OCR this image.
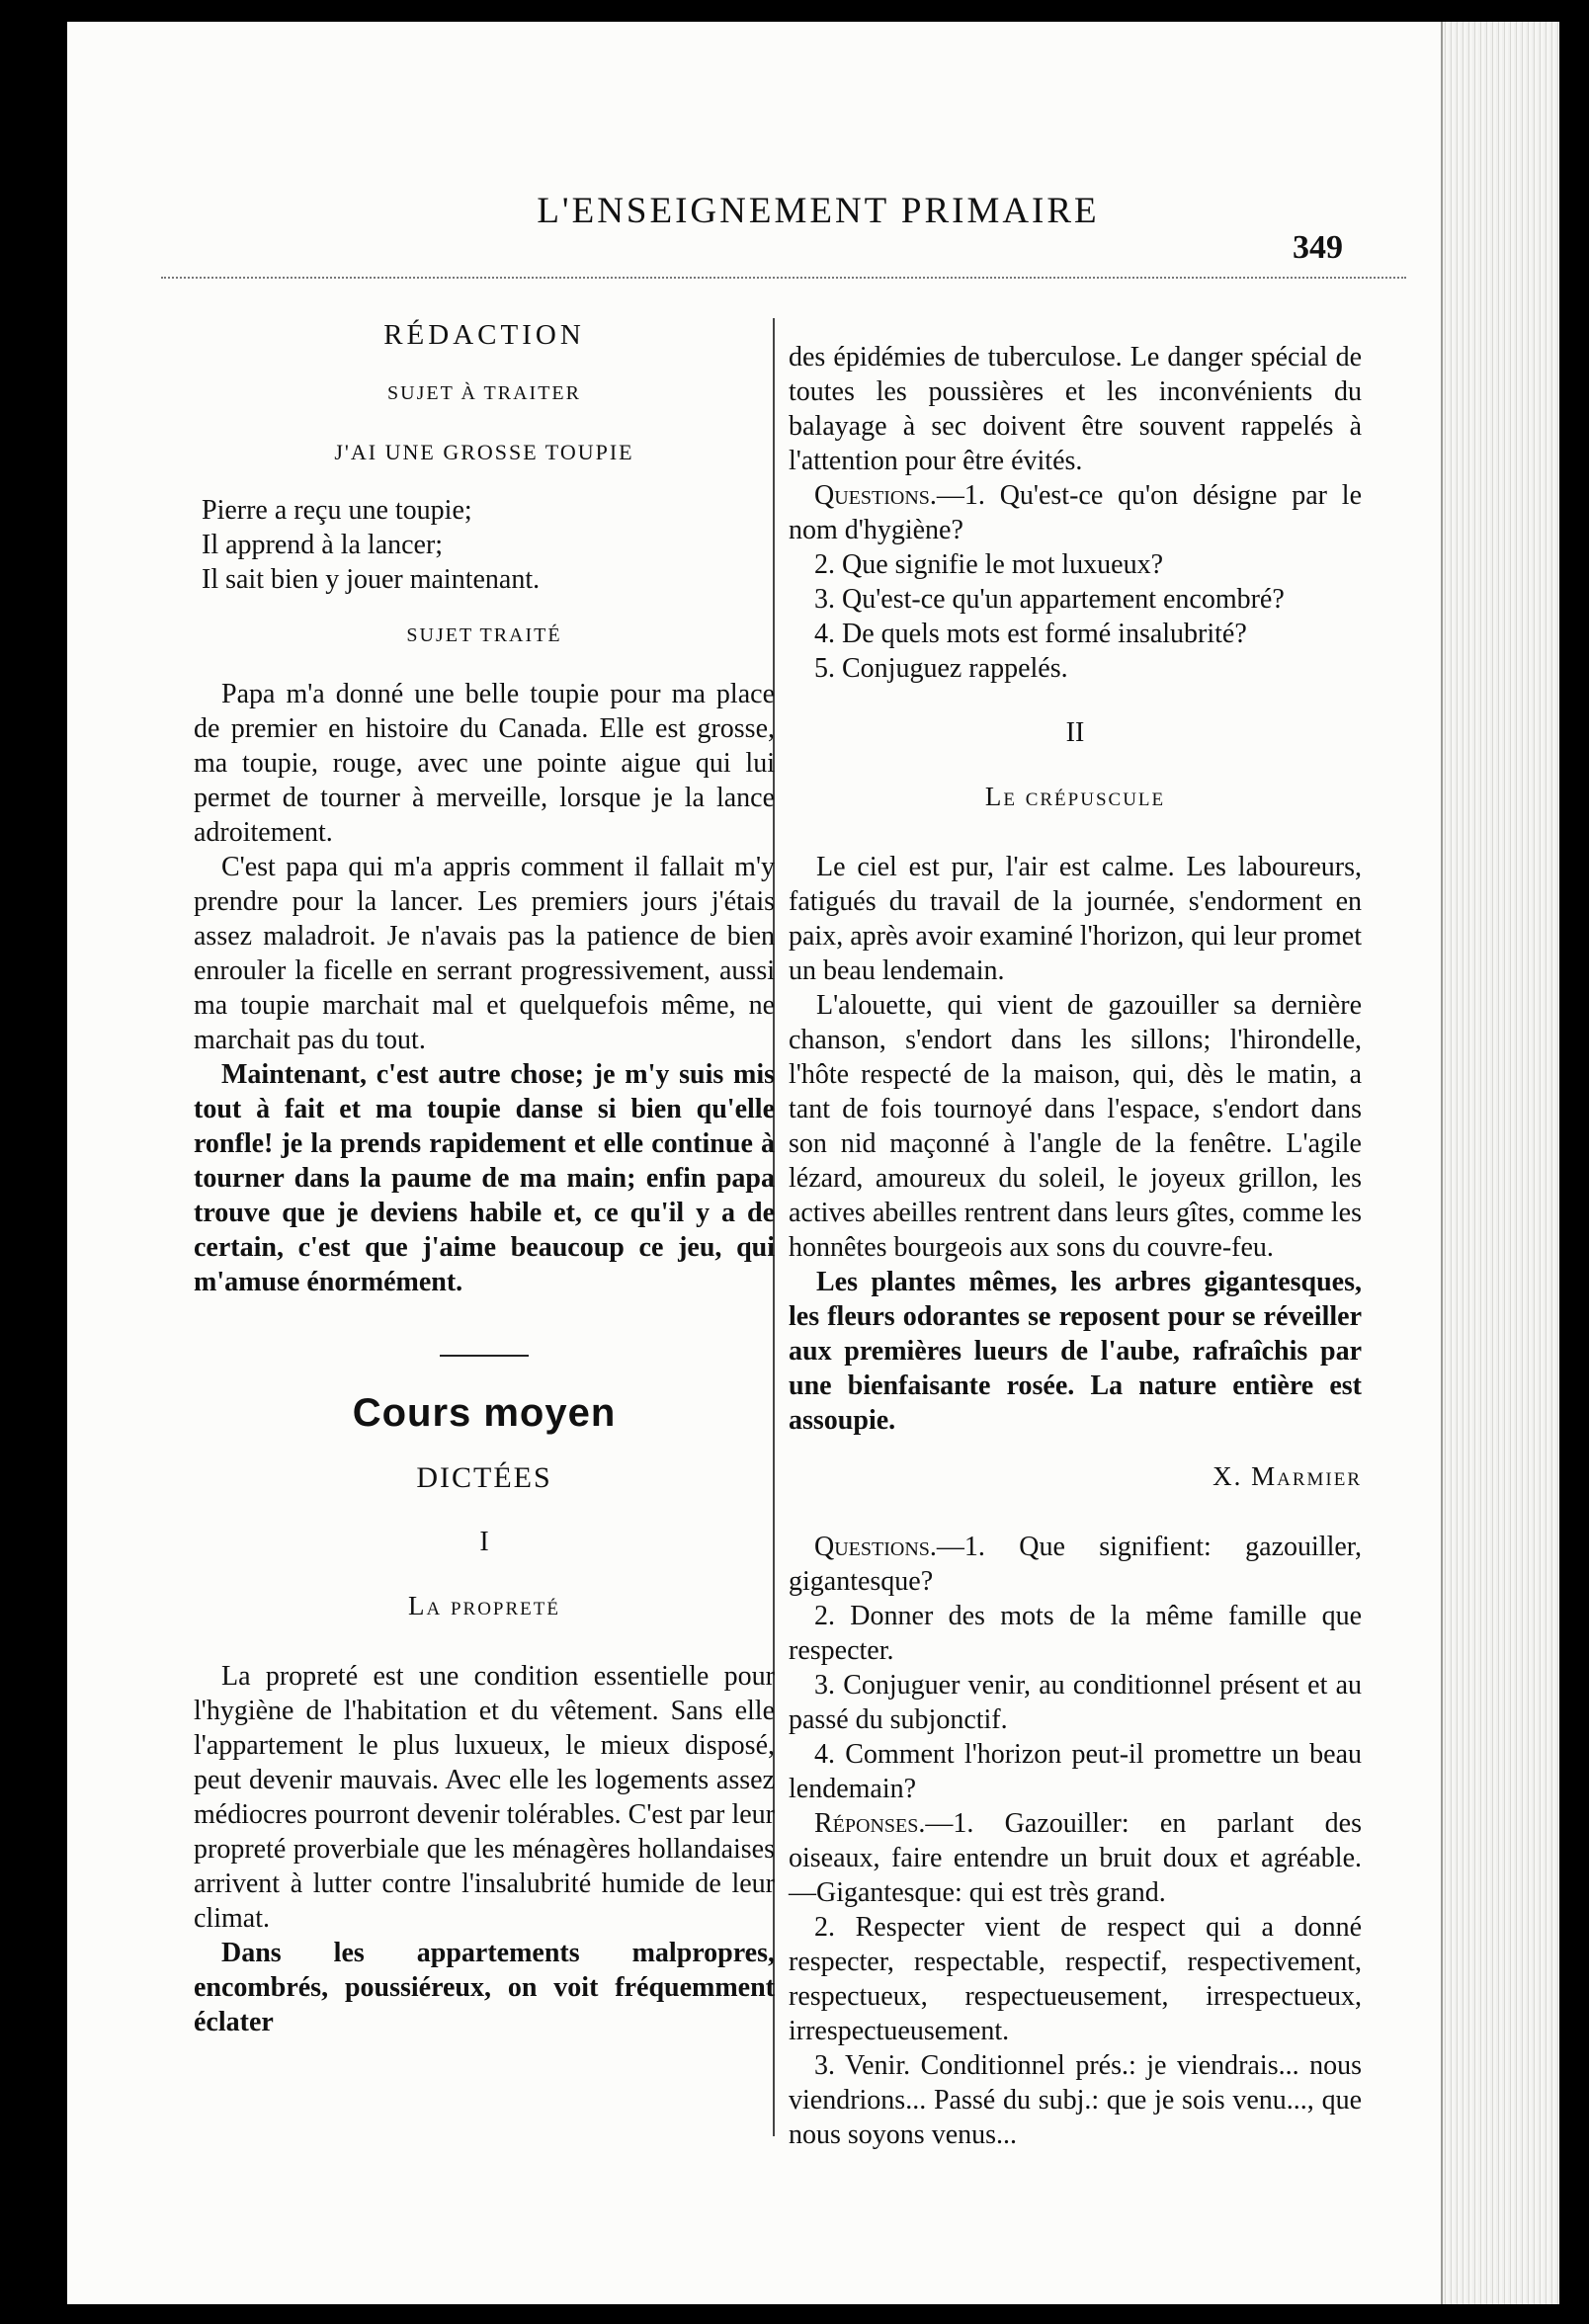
e
nt
t
ut
ne
un
rce
up
e?
on-
ur-
tlé,
on?
ré-
)—
?
L'ENSEIGNEMENT PRIMAIRE
349
RÉDACTION
SUJET À TRAITER
J'AI UNE GROSSE TOUPIE
Pierre a reçu une toupie;
Il apprend à la lancer;
Il sait bien y jouer maintenant.
SUJET TRAITÉ

Papa m'a donné une belle toupie pour ma place de premier en histoire du Canada. Elle est grosse, ma toupie, rouge, avec une pointe aigue qui lui permet de tourner à merveille, lorsque je la lance adroitement.

C'est papa qui m'a appris comment il fallait m'y prendre pour la lancer. Les premiers jours j'étais assez maladroit. Je n'avais pas la patience de bien enrouler la ficelle en serrant progressivement, aussi ma toupie marchait mal et quelquefois même, ne marchait pas du tout.

Maintenant, c'est autre chose; je m'y suis mis tout à fait et ma toupie danse si bien qu'elle ronfle! je la prends rapidement et elle continue à tourner dans la paume de ma main; enfin papa trouve que je deviens habile et, ce qu'il y a de certain, c'est que j'aime beaucoup ce jeu, qui m'amuse énormément.

Cours moyen
DICTÉES
I
La propreté

La propreté est une condition essentielle pour l'hygiène de l'habitation et du vêtement. Sans elle l'appartement le plus luxueux, le mieux disposé, peut devenir mauvais. Avec elle les logements assez médiocres pourront devenir tolérables. C'est par leur propreté proverbiale que les ménagères hollandaises arrivent à lutter contre l'insalubrité humide de leur climat.

Dans les appartements malpropres, encombrés, poussiéreux, on voit fréquemment éclater

des épidémies de tuberculose. Le danger spécial de toutes les poussières et les inconvénients du balayage à sec doivent être souvent rappelés à l'attention pour être évités.

Questions.—1. Qu'est-ce qu'on désigne par le nom d'hygiène?
2. Que signifie le mot luxueux?
3. Qu'est-ce qu'un appartement encombré?
4. De quels mots est formé insalubrité?
5. Conjuguez rappelés.
II
Le crépuscule

Le ciel est pur, l'air est calme. Les laboureurs, fatigués du travail de la journée, s'endorment en paix, après avoir examiné l'horizon, qui leur promet un beau lendemain.

L'alouette, qui vient de gazouiller sa dernière chanson, s'endort dans les sillons; l'hirondelle, l'hôte respecté de la maison, qui, dès le matin, a tant de fois tournoyé dans l'espace, s'endort dans son nid maçonné à l'angle de la fenêtre. L'agile lézard, amoureux du soleil, le joyeux grillon, les actives abeilles rentrent dans leurs gîtes, comme les honnêtes bourgeois aux sons du couvre-feu.

Les plantes mêmes, les arbres gigantesques, les fleurs odorantes se reposent pour se réveiller aux premières lueurs de l'aube, rafraîchis par une bienfaisante rosée. La nature entière est assoupie.

X. Marmier
Questions.—1. Que signifient: gazouiller, gigantesque?
2. Donner des mots de la même famille que respecter.
3. Conjuguer venir, au conditionnel présent et au passé du subjonctif.
4. Comment l'horizon peut-il promettre un beau lendemain?
Réponses.—1. Gazouiller: en parlant des oiseaux, faire entendre un bruit doux et agréable. —Gigantesque: qui est très grand.
2. Respecter vient de respect qui a donné respecter, respectable, respectif, respectivement, respectueux, respectueusement, irrespectueux, irrespectueusement.
3. Venir. Conditionnel prés.: je viendrais... nous viendrions... Passé du subj.: que je sois venu..., que nous soyons venus...
